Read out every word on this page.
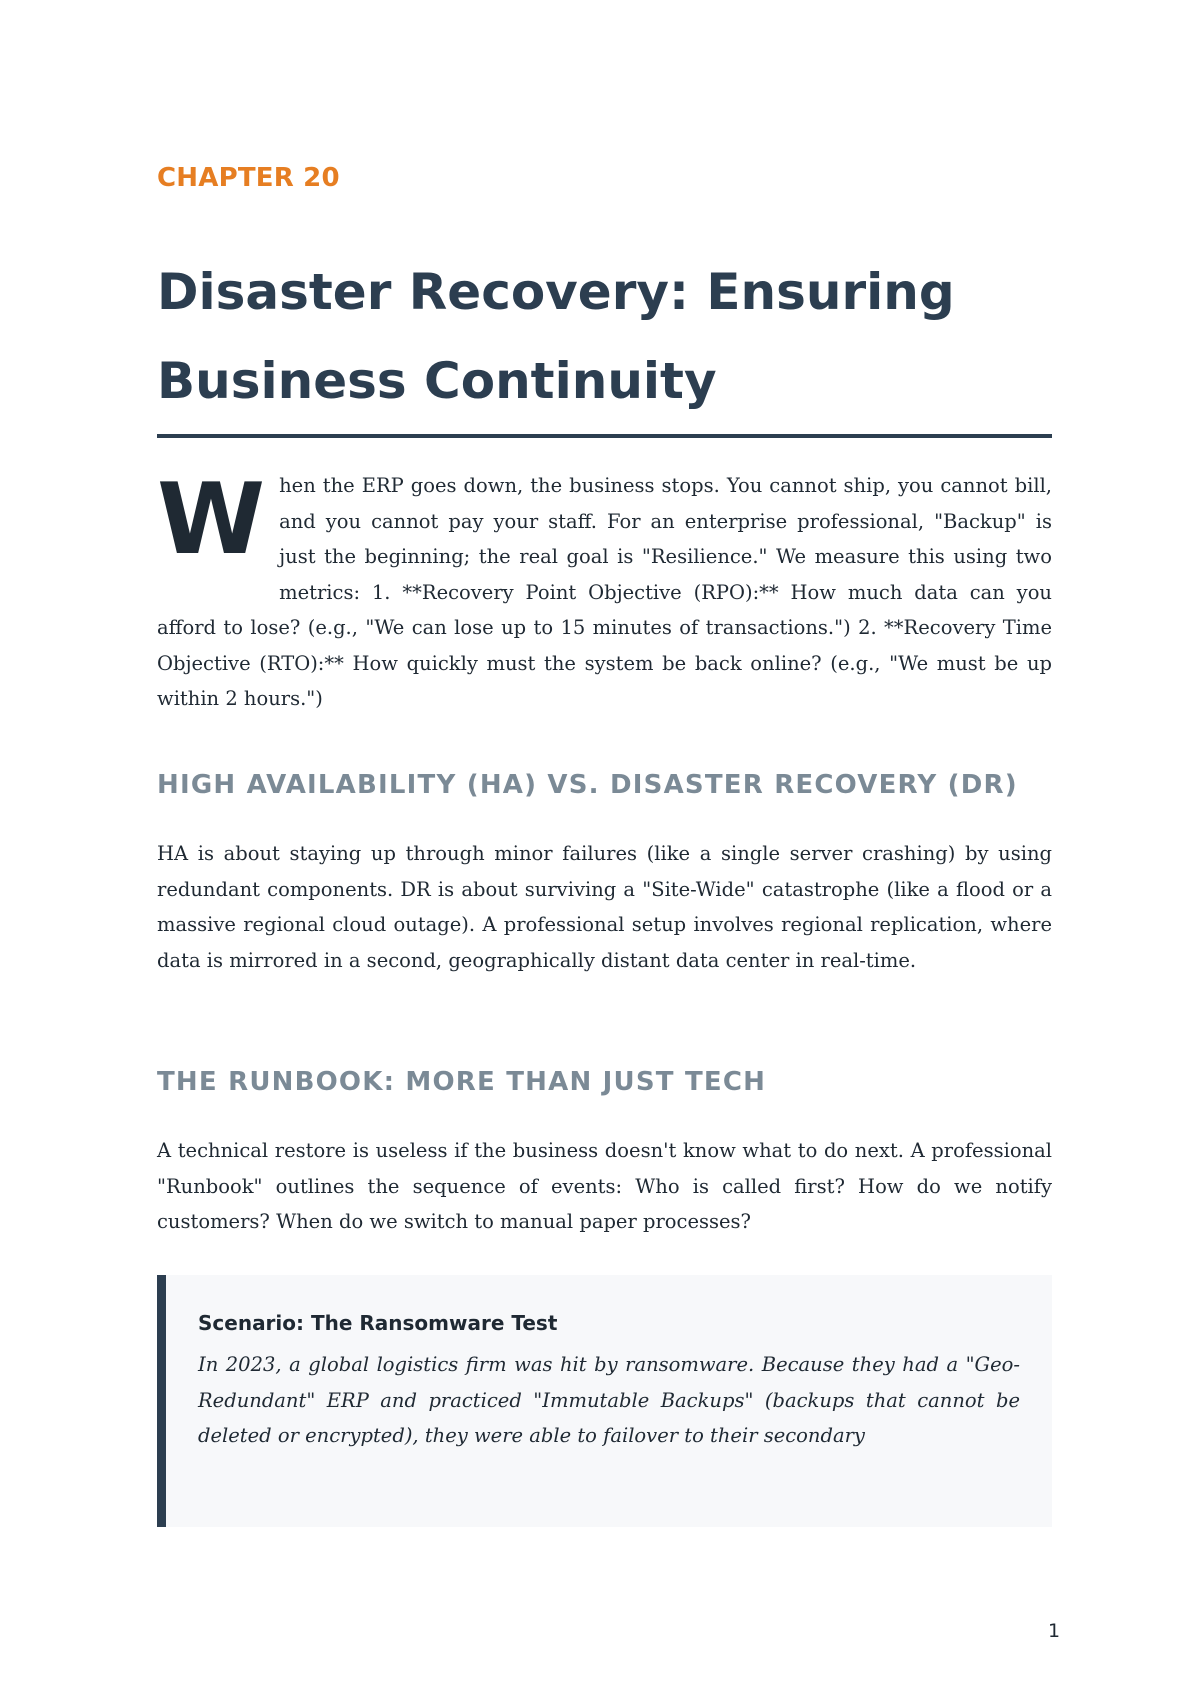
CHAPTER 20
Disaster Recovery: Ensuring
Business Continuity

When the ERP goes down, the business stops. You cannot ship, you cannot bill, and you cannot pay your staff. For an enterprise professional, "Backup" is just the beginning; the real goal is "Resilience." We measure this using two metrics: 1. **Recovery Point Objective (RPO):** How much data can you afford to lose? (e.g., "We can lose up to 15 minutes of transactions.") 2. **Recovery Time Objective (RTO):** How quickly must the system be back online? (e.g., "We must be up within 2 hours.")

HIGH AVAILABILITY (HA) VS. DISASTER RECOVERY (DR)

HA is about staying up through minor failures (like a single server crashing) by using redundant components. DR is about surviving a "Site-Wide" catastrophe (like a flood or a massive regional cloud outage). A professional setup involves regional replication, where data is mirrored in a second, geographically distant data center in real-time.

THE RUNBOOK: MORE THAN JUST TECH

A technical restore is useless if the business doesn't know what to do next. A professional "Runbook" outlines the sequence of events: Who is called first? How do we notify customers? When do we switch to manual paper processes?

Scenario: The Ransomware Test

In 2023, a global logistics firm was hit by ransomware. Because they had a "Geo-Redundant" ERP and practiced "Immutable Backups" (backups that cannot be deleted or encrypted), they were able to failover to their secondary

1
